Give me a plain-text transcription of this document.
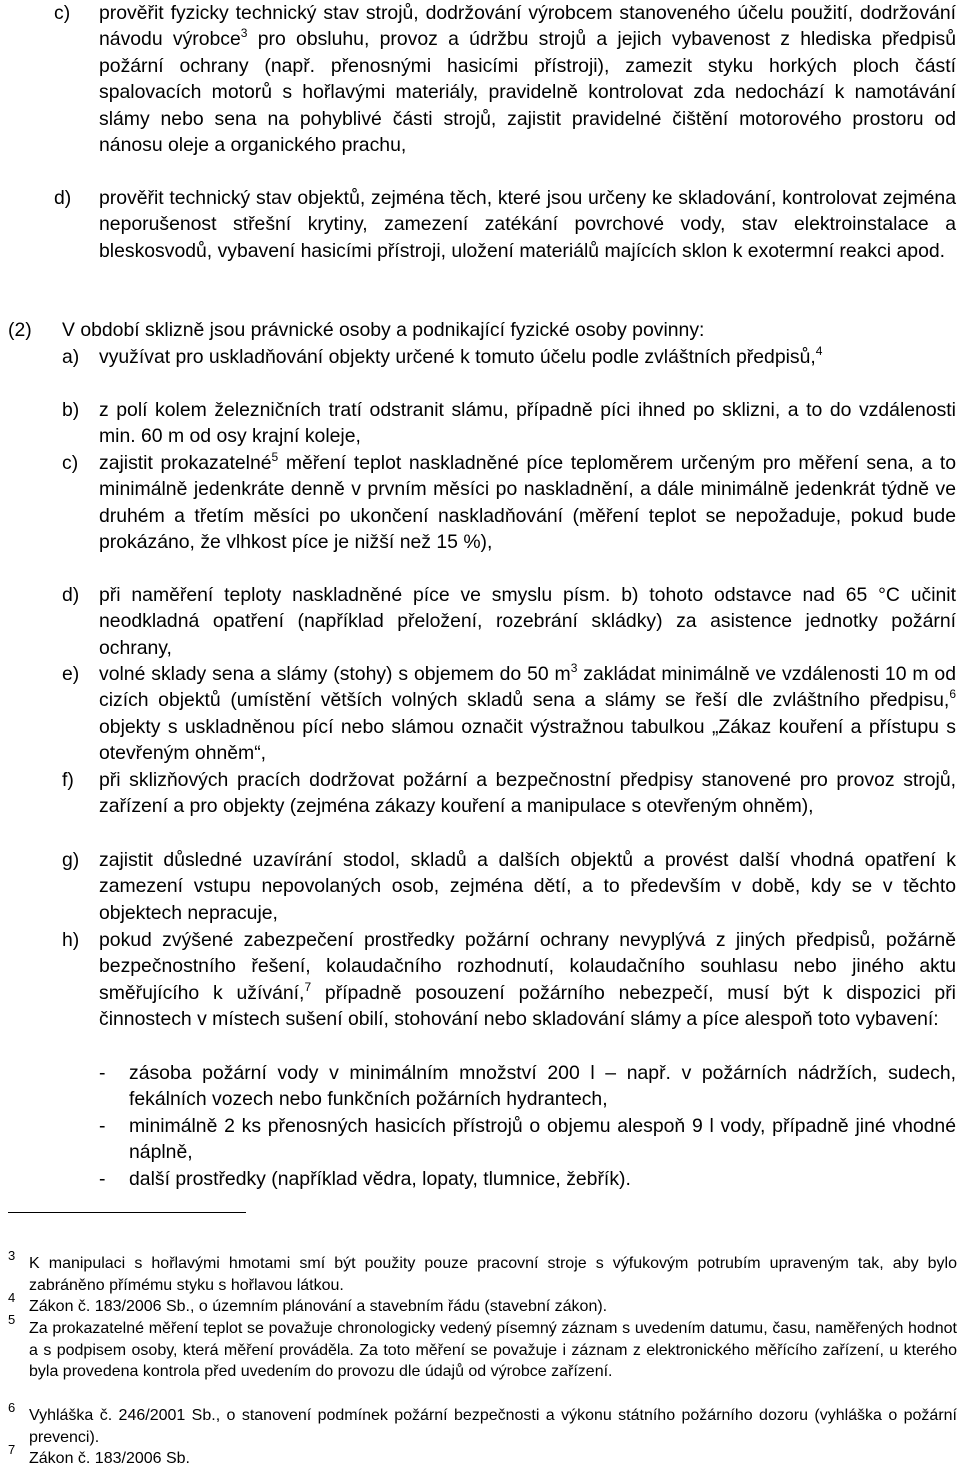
c) prověřit fyzicky technický stav strojů, dodržování výrobcem stanoveného účelu použití, dodržování návodu výrobce$^3$ pro obsluhu, provoz a údržbu strojů a jejich vybavenost z hlediska předpisů požární ochrany (např. přenosnými hasicími přístroji), zamezit styku horkých ploch částí spalovacích motorů s hořlavými materiály, pravidelně kontrolovat zda nedochází k namotávání slámy nebo sena na pohyblivé části strojů, zajistit pravidelné čištění motorového prostoru od nánosu oleje a organického prachu,
d) prověřit technický stav objektů, zejména těch, které jsou určeny ke skladování, kontrolovat zejména neporušenost střešní krytiny, zamezení zatékání povrchové vody, stav elektroinstalace a bleskosvodů, vybavení hasicími přístroji, uložení materiálů majících sklon k exotermní reakci apod.
(2) V období sklizně jsou právnické osoby a podnikající fyzické osoby povinny:
a) využívat pro uskladňování objekty určené k tomuto účelu podle zvláštních předpisů,$^4$
b) z polí kolem železničních tratí odstranit slámu, případně píci ihned po sklizni, a to do vzdálenosti min. 60 m od osy krajní koleje,
c) zajistit prokazatelné$^5$ měření teplot naskladněné píce teploměrem určeným pro měření sena, a to minimálně jedenkráte denně v prvním měsíci po naskladnění, a dále minimálně jedenkrát týdně ve druhém a třetím měsíci po ukončení naskladňování (měření teplot se nepožaduje, pokud bude prokázáno, že vlhkost píce je nižší než 15 %),
d) při naměření teploty naskladněné píce ve smyslu písm. b) tohoto odstavce nad 65 °C učinit neodkladná opatření (například přeložení, rozebrání skládky) za asistence jednotky požární ochrany,
e) volné sklady sena a slámy (stohy) s objemem do 50 $m^3$ zakládat minimálně ve vzdálenosti 10 m od cizích objektů (umístění větších volných skladů sena a slámy se řeší dle zvláštního předpisu,$^6$ objekty s uskladněnou pící nebo slámou označit výstražnou tabulkou „Zákaz kouření a přístupu s otevřeným ohněm“,
f) při sklizňových pracích dodržovat požární a bezpečnostní předpisy stanovené pro provoz strojů, zařízení a pro objekty (zejména zákazy kouření a manipulace s otevřeným ohněm),
g) zajistit důsledné uzavírání stodol, skladů a dalších objektů a provést další vhodná opatření k zamezení vstupu nepovolaných osob, zejména dětí, a to především v době, kdy se v těchto objektech nepracuje,
h) pokud zvýšené zabezpečení prostředky požární ochrany nevyplývá z jiných předpisů, požárně bezpečnostního řešení, kolaudačního rozhodnutí, kolaudačního souhlasu nebo jiného aktu směřujícího k užívání,$^7$ případně posouzení požárního nebezpečí, musí být k dispozici při činnostech v místech sušení obilí, stohování nebo skladování slámy a píce alespoň toto vybavení:
- zásoba požární vody v minimálním množství 200 l – např. v požárních nádržích, sudech, fekálních vozech nebo funkčních požárních hydrantech,
- minimálně 2 ks přenosných hasicích přístrojů o objemu alespoň 9 l vody, případně jiné vhodné náplně,
- další prostředky (například vědra, lopaty, tlumnice, žebřík).
3 K manipulaci s hořlavými hmotami smí být použity pouze pracovní stroje s výfukovým potrubím upraveným tak, aby bylo zabráněno přímému styku s hořlavou látkou.
4
Zákon č. 183/2006 Sb., o územním plánování a stavebním řádu (stavební zákon).
5
Za prokazatelné měření teplot se považuje chronologicky vedený písemný záznam s uvedením datumu, času, naměřených hodnot a s podpisem osoby, která měření prováděla. Za toto měření se považuje i záznam z elektronického měřícího zařízení, u kterého byla provedena kontrola před uvedením do provozu dle údajů od výrobce zařízení.
6 Vyhláška č. 246/2001 Sb., o stanovení podmínek požární bezpečnosti a výkonu státního požárního dozoru (vyhláška o požární prevenci).
7
Zákon č. 183/2006 Sb.
